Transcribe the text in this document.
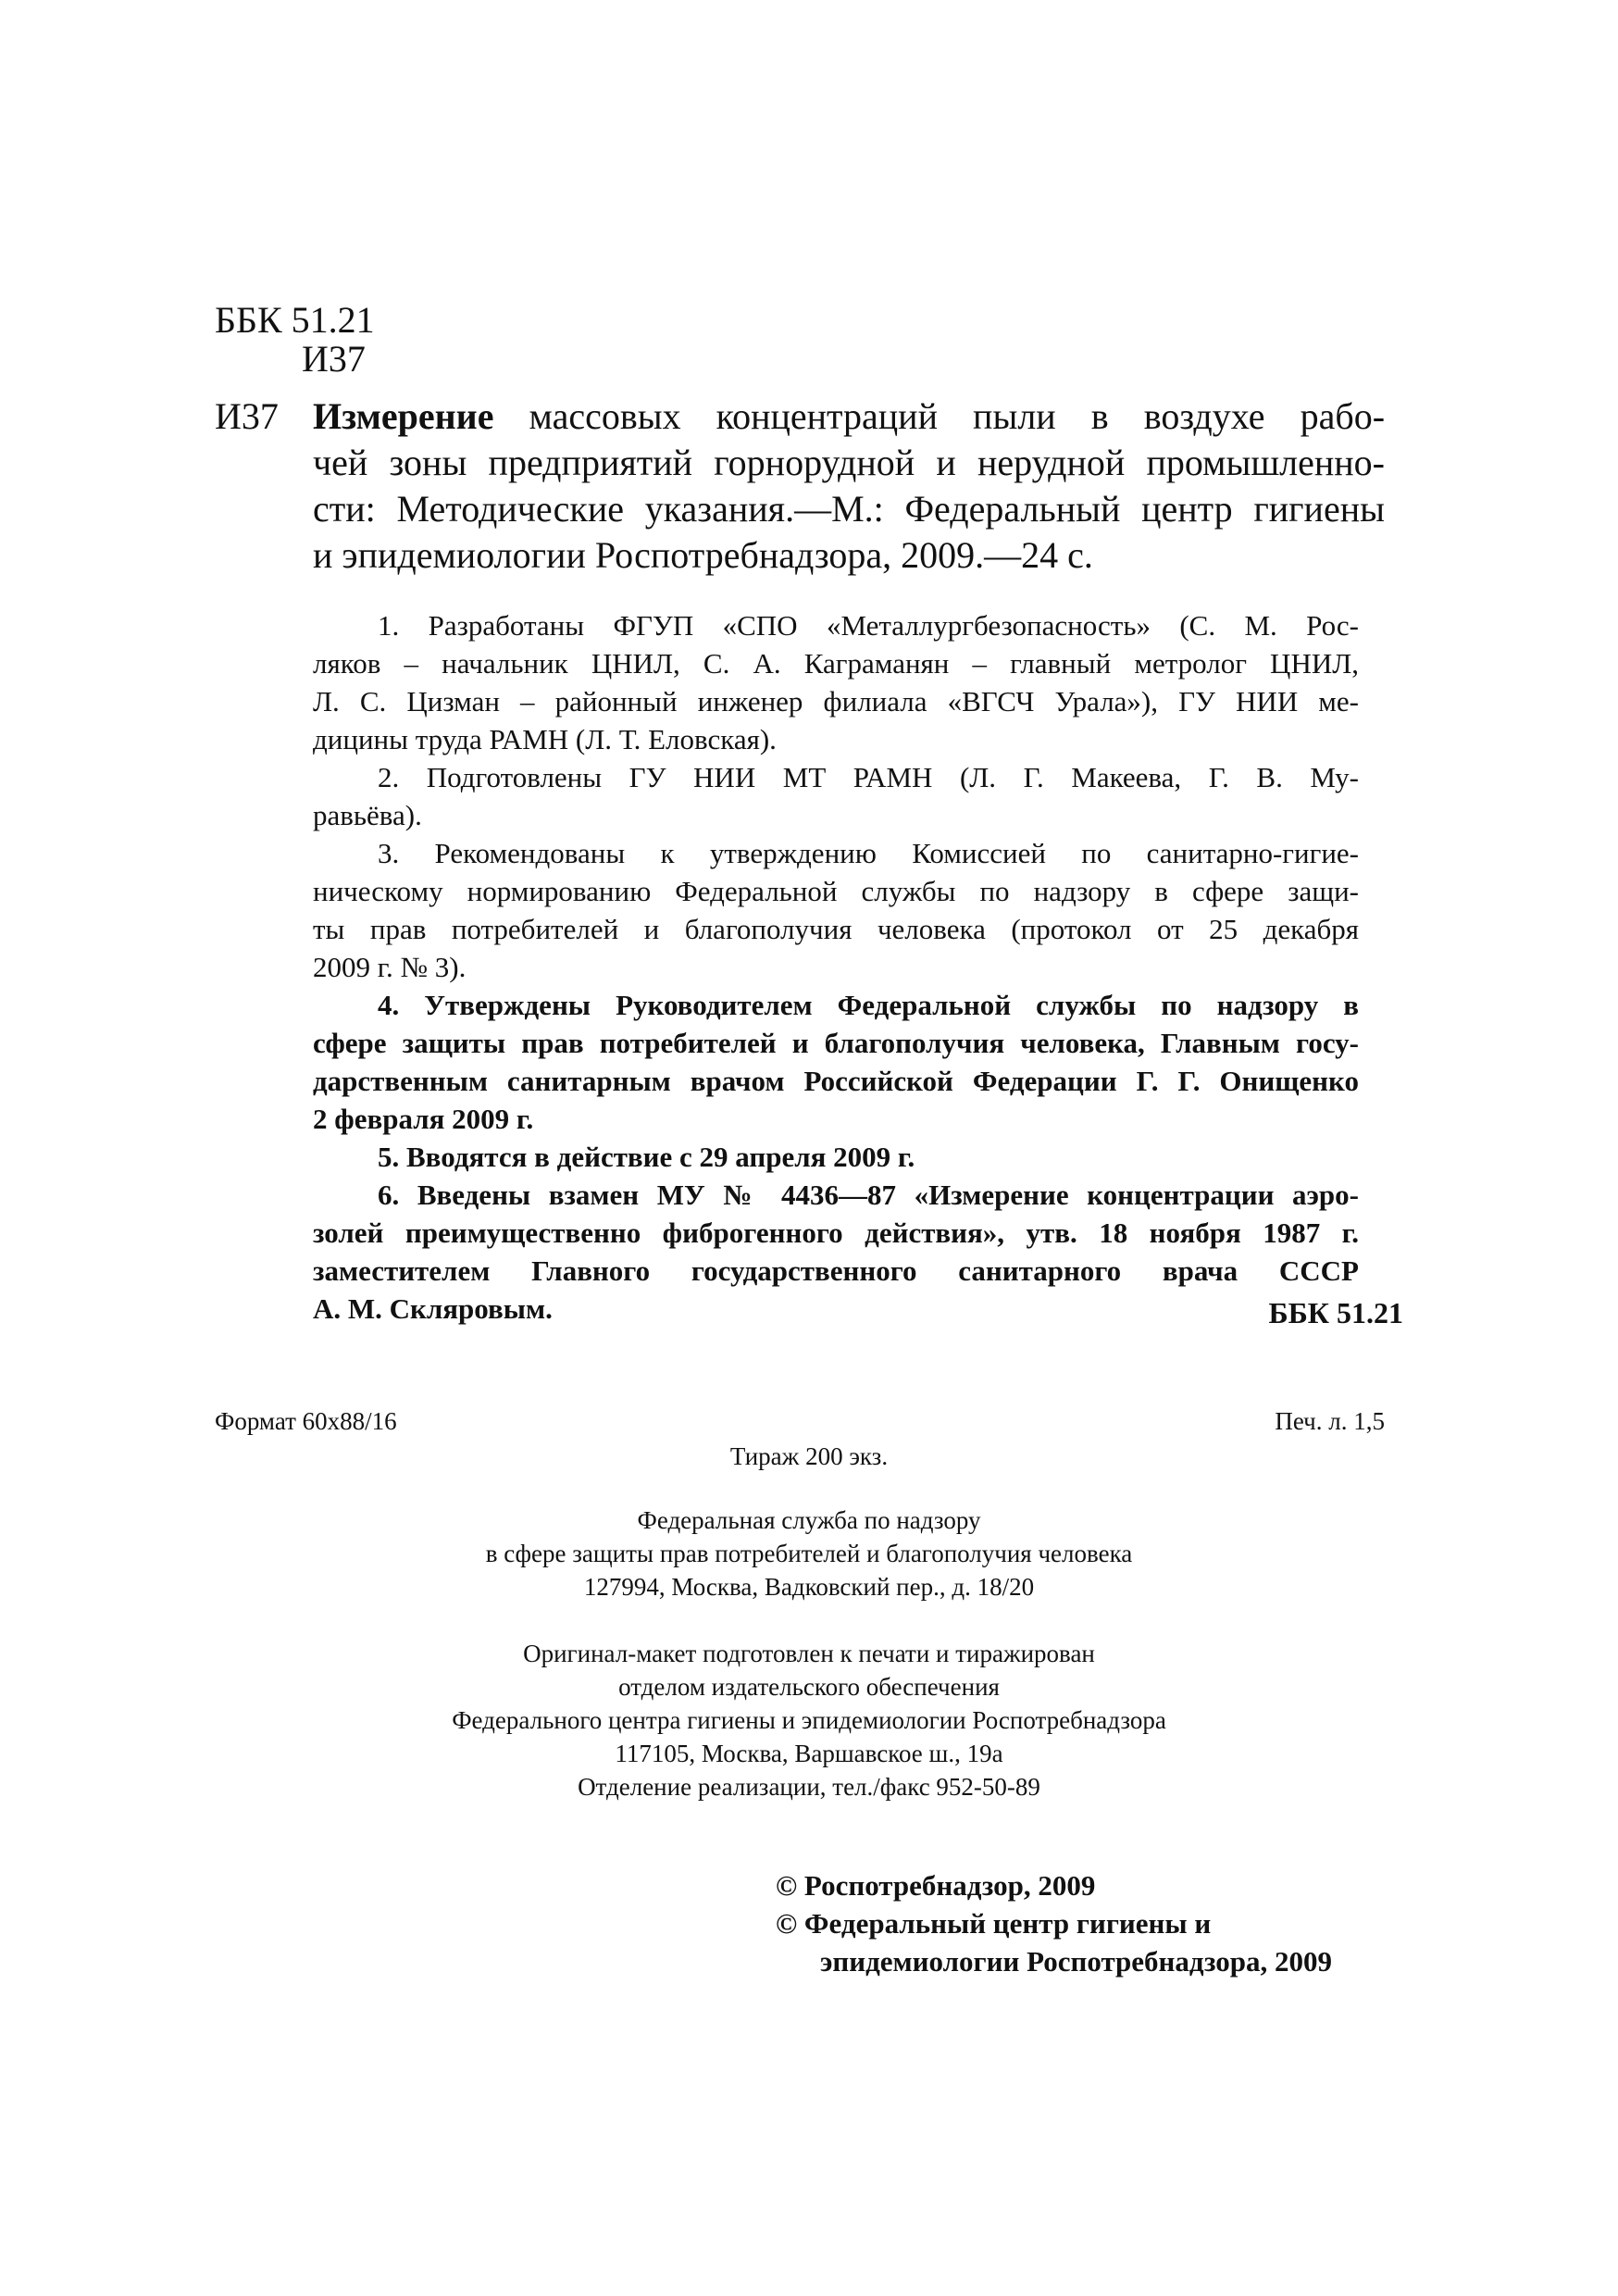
ББК 51.21
И37
И37 Измерение массовых концентраций пыли в воздухе рабо-
чей зоны предприятий горнорудной и нерудной промышленно-
сти: Методические указания.—М.: Федеральный центр гигиены
и эпидемиологии Роспотребнадзора, 2009.—24 с.
1. Разработаны ФГУП «СПО «Металлургбезопасность» (С. М. Рос-
ляков – начальник ЦНИЛ, С. А. Каграманян – главный метролог ЦНИЛ,
Л. С. Цизман – районный инженер филиала «ВГСЧ Урала»), ГУ НИИ ме-
дицины труда РАМН (Л. Т. Еловская).
2. Подготовлены ГУ НИИ МТ РАМН (Л. Г. Макеева, Г. В. Му-
равьёва).
3. Рекомендованы к утверждению Комиссией по санитарно-гигие-
ническому нормированию Федеральной службы по надзору в сфере защи-
ты прав потребителей и благополучия человека (протокол от 25 декабря
2009 г. № 3).
4. Утверждены Руководителем Федеральной службы по надзору в
сфере защиты прав потребителей и благополучия человека, Главным госу-
дарственным санитарным врачом Российской Федерации Г. Г. Онищенко
2 февраля 2009 г.
5. Вводятся в действие с 29 апреля 2009 г.
6. Введены взамен МУ № 4436—87 «Измерение концентрации аэро-
золей преимущественно фиброгенного действия», утв. 18 ноября 1987 г.
заместителем Главного государственного санитарного врача СССР
А. М. Скляровым.	ББК 51.21
Формат 60х88/16	Печ. л. 1,5
Тираж 200 экз.
Федеральная служба по надзору
в сфере защиты прав потребителей и благополучия человека
127994, Москва, Вадковский пер., д. 18/20
Оригинал-макет подготовлен к печати и тиражирован
отделом издательского обеспечения
Федерального центра гигиены и эпидемиологии Роспотребнадзора
117105, Москва, Варшавское ш., 19а
Отделение реализации, тел./факс 952-50-89
© Роспотребнадзор, 2009
© Федеральный центр гигиены и
эпидемиологии Роспотребнадзора, 2009
